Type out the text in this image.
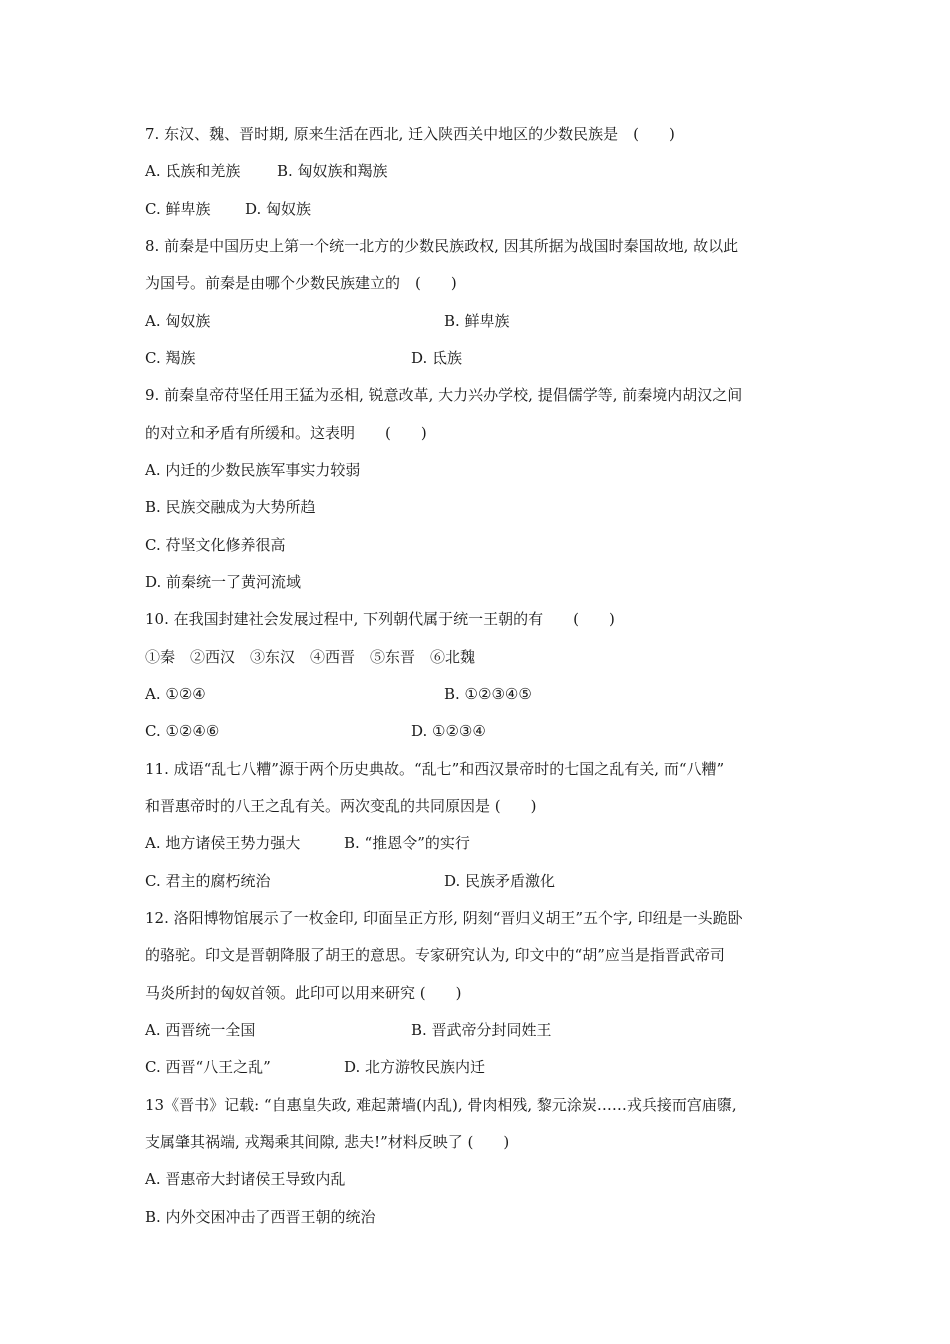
7. 东汉、魏、晋时期, 原来生活在西北, 迁入陕西关中地区的少数民族是　(　　)

A. 氐族和羌族

B. 匈奴族和羯族

C. 鲜卑族

D. 匈奴族

8. 前秦是中国历史上第一个统一北方的少数民族政权, 因其所据为战国时秦国故地, 故以此
为国号。前秦是由哪个少数民族建立的　(　　)

A. 匈奴族

	B. 鲜卑族

C. 羯族

	D. 氐族

9. 前秦皇帝苻坚任用王猛为丞相, 锐意改革, 大力兴办学校, 提倡儒学等, 前秦境内胡汉之间
的对立和矛盾有所缓和。这表明　　(　　)
A. 内迁的少数民族军事实力较弱
B. 民族交融成为大势所趋
C. 苻坚文化修养很高
D. 前秦统一了黄河流域
10. 在我国封建社会发展过程中, 下列朝代属于统一王朝的有　　(　　)
①秦　②西汉　③东汉　④西晋　⑤东晋　⑥北魏

A. ①②④

	B. ①②③④⑤

C. ①②④⑥

	D. ①②③④

11. 成语“乱七八糟”源于两个历史典故。“乱七”和西汉景帝时的七国之乱有关, 而“八糟”
和晋惠帝时的八王之乱有关。两次变乱的共同原因是 (　　)

A. 地方诸侯王势力强大

	B. “推恩令”的实行

C. 君主的腐朽统治

	D. 民族矛盾激化

12. 洛阳博物馆展示了一枚金印, 印面呈正方形, 阴刻“晋归义胡王”五个字, 印纽是一头跪卧
的骆驼。印文是晋朝降服了胡王的意思。专家研究认为, 印文中的“胡”应当是指晋武帝司
马炎所封的匈奴首领。此印可以用来研究 (　　)

A. 西晋统一全国

	B. 晋武帝分封同姓王

C. 西晋“八王之乱”

	D. 北方游牧民族内迁

13《晋书》记载: “自惠皇失政, 难起萧墙(内乱), 骨肉相残, 黎元涂炭……戎兵接而宫庙隳,
支属肇其祸端, 戎羯乘其间隙, 悲夫!”材料反映了 (　　)
A. 晋惠帝大封诸侯王导致内乱
B. 内外交困冲击了西晋王朝的统治
